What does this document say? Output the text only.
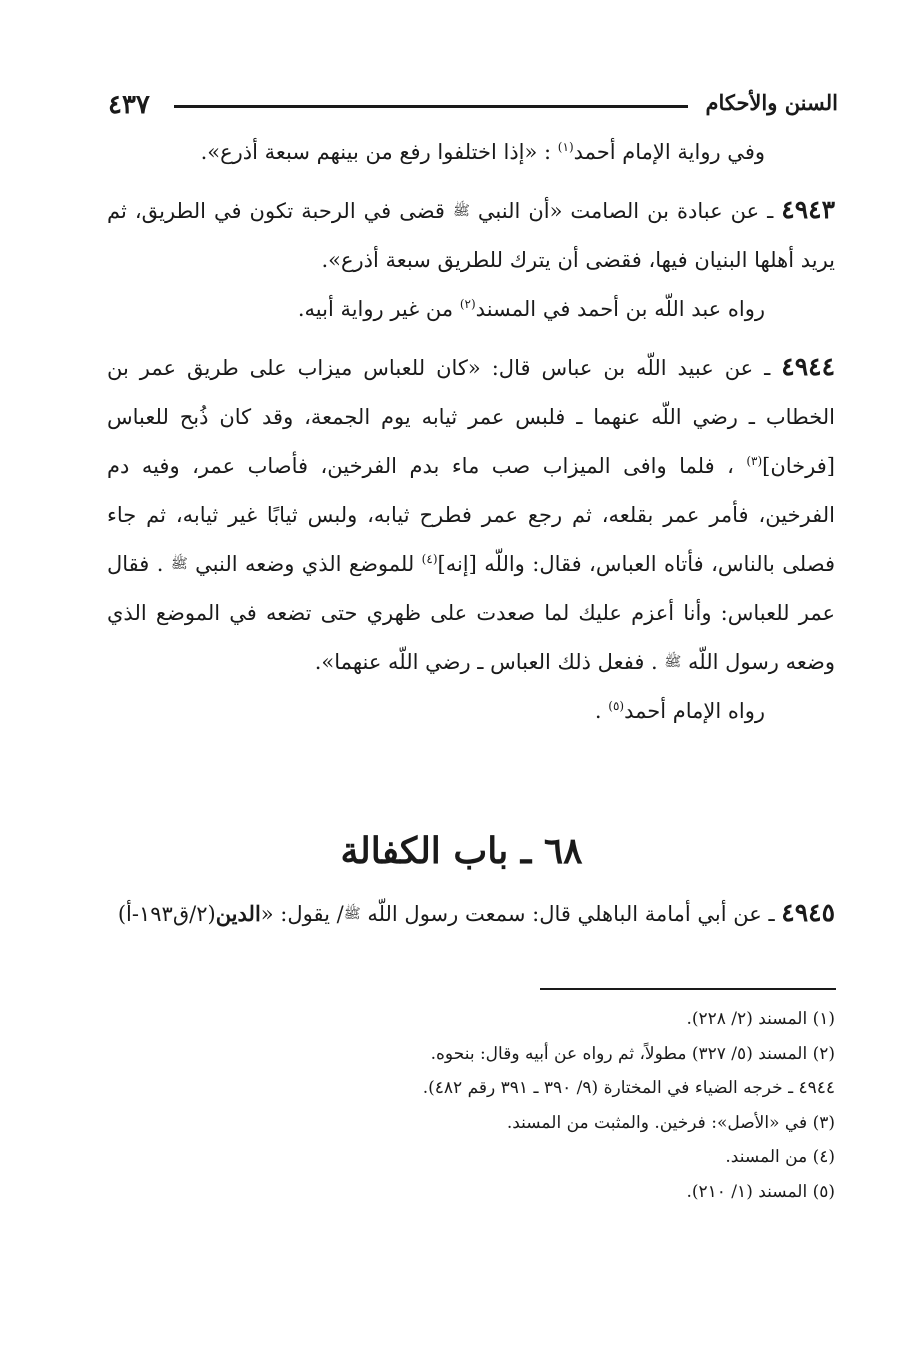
٤٣٧	السنن والأحكام

وفي رواية الإمام أحمد$^{(١)}$ : «إذا اختلفوا رفع من بينهم سبعة أذرع».

٤٩٤٣ ـ عن عبادة بن الصامت «أن النبي ﷺ قضى في الرحبة تكون في الطريق، ثم يريد أهلها البنيان فيها، فقضى أن يترك للطريق سبعة أذرع».

رواه عبد اللّه بن أحمد في المسند$^{(٢)}$ من غير رواية أبيه.

٤٩٤٤ ـ عن عبيد اللّه بن عباس قال: «كان للعباس ميزاب على طريق عمر بن الخطاب ـ رضي اللّه عنهما ـ فلبس عمر ثيابه يوم الجمعة، وقد كان ذُبح للعباس [فرخان]$^{(٣)}$ ، فلما وافى الميزاب صب ماء بدم الفرخين، فأصاب عمر، وفيه دم الفرخين، فأمر عمر بقلعه، ثم رجع عمر فطرح ثيابه، ولبس ثيابًا غير ثيابه، ثم جاء فصلى بالناس، فأتاه العباس، فقال: واللّه [إنه]$^{(٤)}$ للموضع الذي وضعه النبي ﷺ . فقال عمر للعباس: وأنا أعزم عليك لما صعدت على ظهري حتى تضعه في الموضع الذي وضعه رسول اللّه ﷺ . ففعل ذلك العباس ـ رضي اللّه عنهما».

رواه الإمام أحمد$^{(٥)}$ .

٦٨ ـ باب الكفالة
٤٩٤٥ ـ عن أبي أمامة الباهلي قال: سمعت رسول اللّه ﷺ/ يقول: «الدين(٢/ق١٩٣-أ)
(١) المسند (٢/ ٢٢٨).
(٢) المسند (٥/ ٣٢٧) مطولاً، ثم رواه عن أبيه وقال: بنحوه.
٤٩٤٤ ـ خرجه الضياء في المختارة (٩/ ٣٩٠ ـ ٣٩١ رقم ٤٨٢).
(٣) في «الأصل»: فرخين. والمثبت من المسند.
(٤) من المسند.
(٥) المسند (١/ ٢١٠).
